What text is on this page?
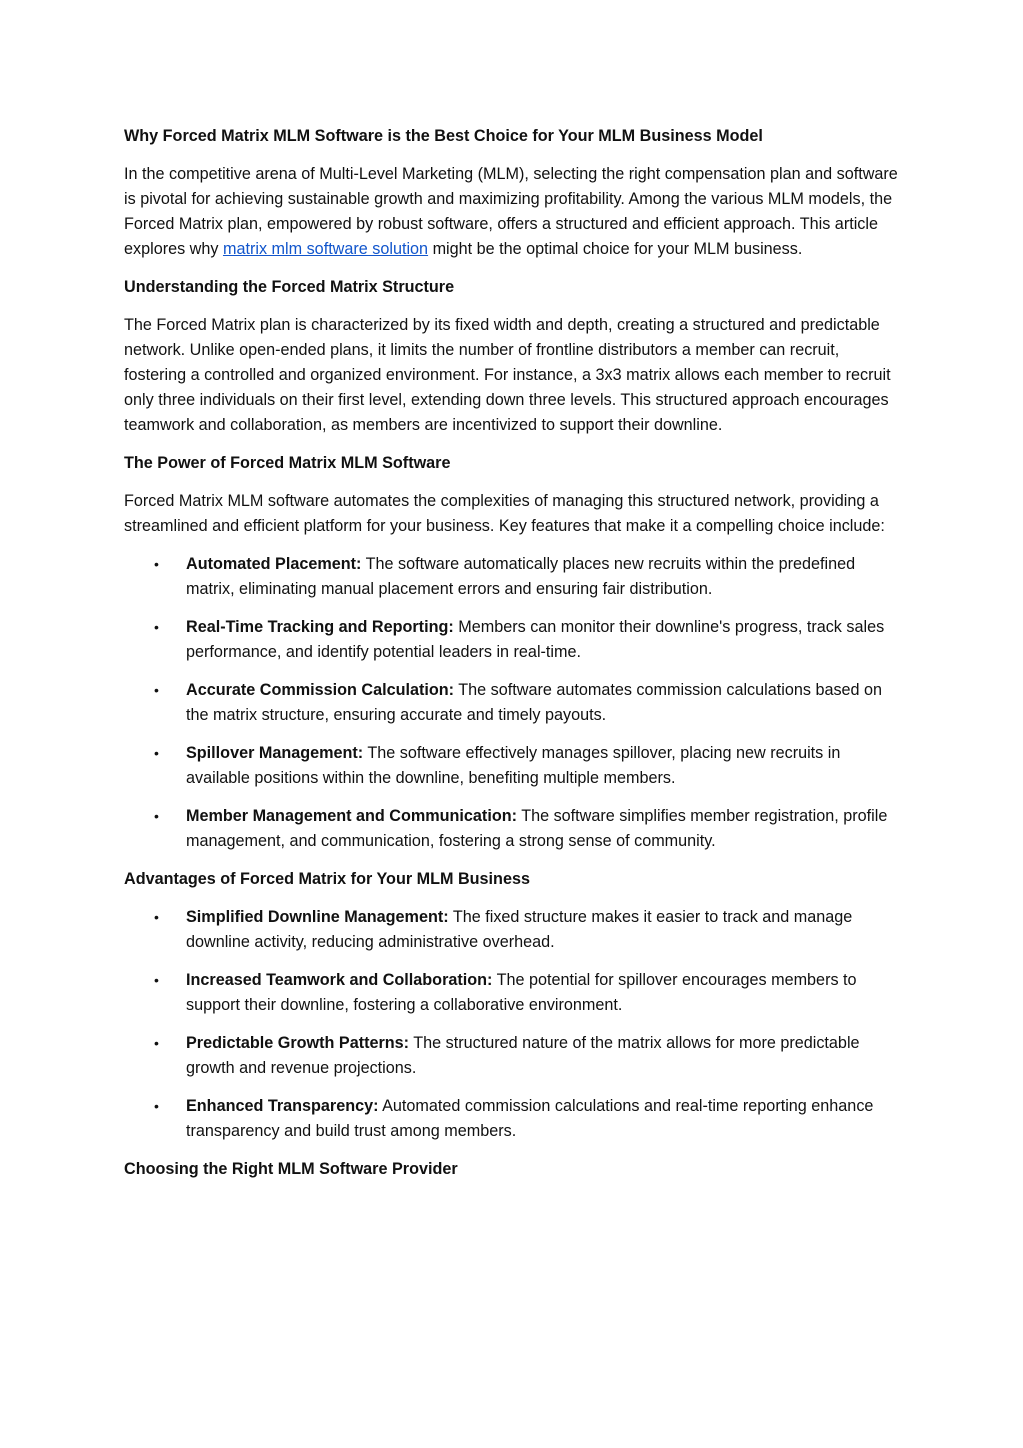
Why Forced Matrix MLM Software is the Best Choice for Your MLM Business Model

In the competitive arena of Multi-Level Marketing (MLM), selecting the right compensation plan and software is pivotal for achieving sustainable growth and maximizing profitability. Among the various MLM models, the Forced Matrix plan, empowered by robust software, offers a structured and efficient approach. This article explores why matrix mlm software solution might be the optimal choice for your MLM business.

Understanding the Forced Matrix Structure

The Forced Matrix plan is characterized by its fixed width and depth, creating a structured and predictable network. Unlike open-ended plans, it limits the number of frontline distributors a member can recruit, fostering a controlled and organized environment. For instance, a 3x3 matrix allows each member to recruit only three individuals on their first level, extending down three levels. This structured approach encourages teamwork and collaboration, as members are incentivized to support their downline.

The Power of Forced Matrix MLM Software

Forced Matrix MLM software automates the complexities of managing this structured network, providing a streamlined and efficient platform for your business. Key features that make it a compelling choice include:

• Automated Placement: The software automatically places new recruits within the predefined matrix, eliminating manual placement errors and ensuring fair distribution.
• Real-Time Tracking and Reporting: Members can monitor their downline's progress, track sales performance, and identify potential leaders in real-time.
• Accurate Commission Calculation: The software automates commission calculations based on the matrix structure, ensuring accurate and timely payouts.
• Spillover Management: The software effectively manages spillover, placing new recruits in available positions within the downline, benefiting multiple members.
• Member Management and Communication: The software simplifies member registration, profile management, and communication, fostering a strong sense of community.
Advantages of Forced Matrix for Your MLM Business
• Simplified Downline Management: The fixed structure makes it easier to track and manage downline activity, reducing administrative overhead.
• Increased Teamwork and Collaboration: The potential for spillover encourages members to support their downline, fostering a collaborative environment.
• Predictable Growth Patterns: The structured nature of the matrix allows for more predictable growth and revenue projections.
• Enhanced Transparency: Automated commission calculations and real-time reporting enhance transparency and build trust among members.
Choosing the Right MLM Software Provider
